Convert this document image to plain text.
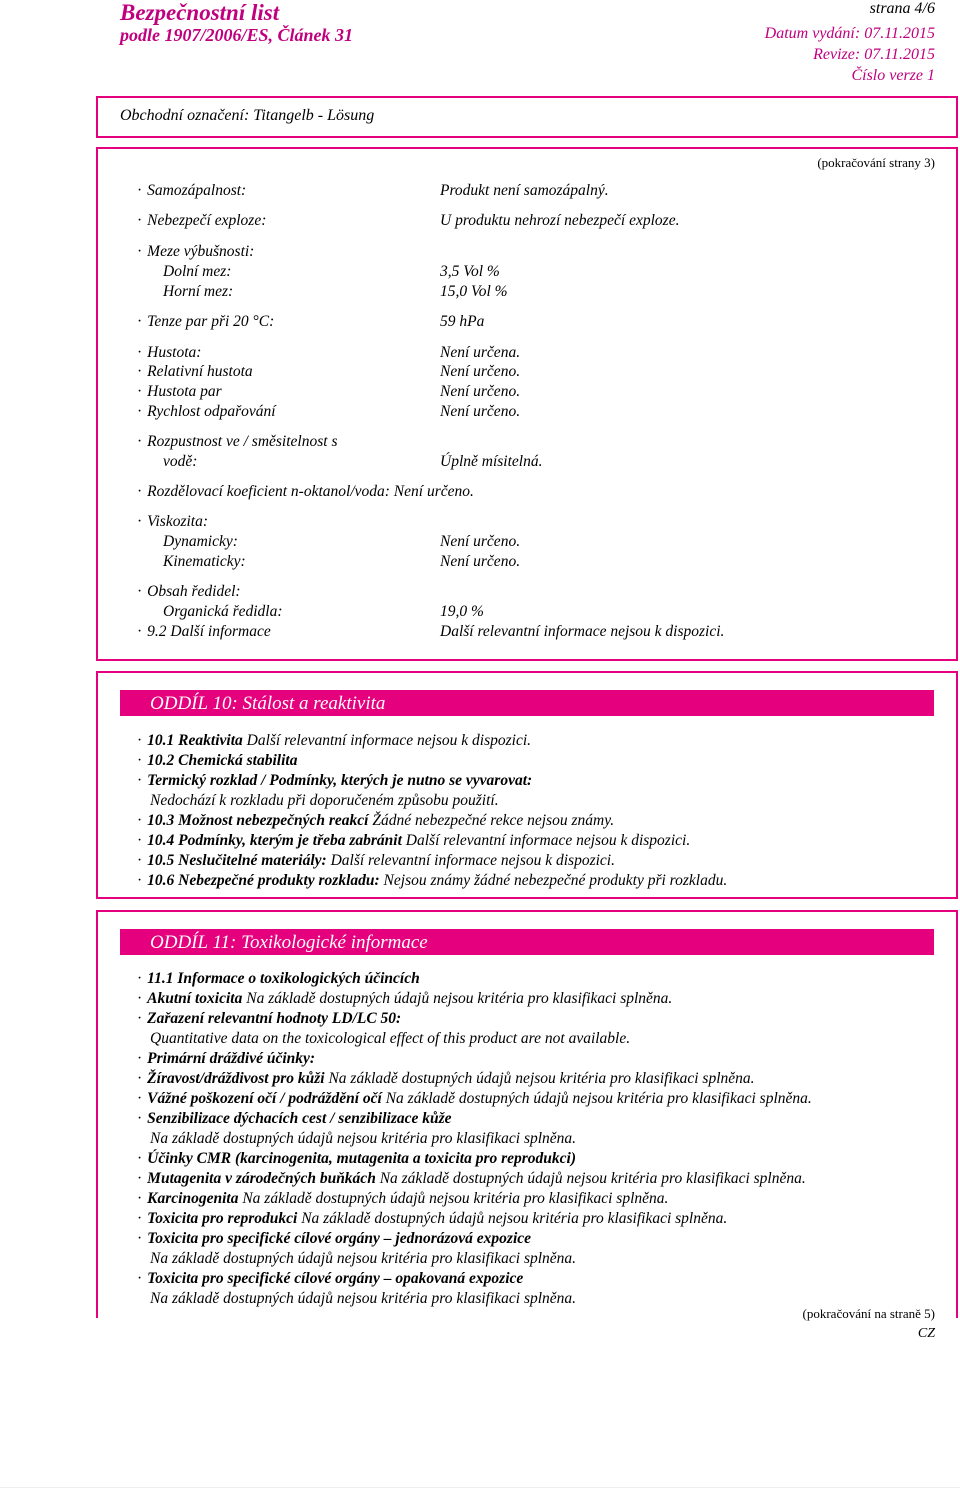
Bezpečnostní list
podle 1907/2006/ES, Článek 31
strana 4/6
Datum vydání: 07.11.2015
Revize: 07.11.2015
Číslo verze 1
Obchodní označení: Titangelb - Lösung
(pokračování strany 3)
· Samozápalnost:	Produkt není samozápalný.
· Nebezpečí exploze:	U produktu nehrozí nebezpečí exploze.
· Meze výbušnosti:
Dolní mez:	3,5 Vol %
Horní mez:	15,0 Vol %
· Tenze par při 20 °C:	59 hPa
· Hustota:	Není určena.
· Relativní hustota	Není určeno.
· Hustota par	Není určeno.
· Rychlost odpařování	Není určeno.
· Rozpustnost ve / směsitelnost s
vodě:	Úplně mísitelná.
· Rozdělovací koeficient n-oktanol/voda: Není určeno.
· Viskozita:
Dynamicky:	Není určeno.
Kinematicky:	Není určeno.
· Obsah ředidel:
Organická ředidla:	19,0 %
· 9.2 Další informace	Další relevantní informace nejsou k dispozici.
ODDÍL 10: Stálost a reaktivita
· 10.1 Reaktivita Další relevantní informace nejsou k dispozici.
· 10.2 Chemická stabilita
· Termický rozklad / Podmínky, kterých je nutno se vyvarovat:
Nedochází k rozkladu při doporučeném způsobu použití.
· 10.3 Možnost nebezpečných reakcí Žádné nebezpečné rekce nejsou známy.
· 10.4 Podmínky, kterým je třeba zabránit Další relevantní informace nejsou k dispozici.
· 10.5 Neslučitelné materiály: Další relevantní informace nejsou k dispozici.
· 10.6 Nebezpečné produkty rozkladu: Nejsou známy žádné nebezpečné produkty při rozkladu.
ODDÍL 11: Toxikologické informace
· 11.1 Informace o toxikologických účincích
· Akutní toxicita Na základě dostupných údajů nejsou kritéria pro klasifikaci splněna.
· Zařazení relevantní hodnoty LD/LC 50:
Quantitative data on the toxicological effect of this product are not available.
· Primární dráždivé účinky:
· Žíravost/dráždivost pro kůži Na základě dostupných údajů nejsou kritéria pro klasifikaci splněna.
· Vážné poškození očí / podráždění očí Na základě dostupných údajů nejsou kritéria pro klasifikaci splněna.
· Senzibilizace dýchacích cest / senzibilizace kůže
Na základě dostupných údajů nejsou kritéria pro klasifikaci splněna.
· Účinky CMR (karcinogenita, mutagenita a toxicita pro reprodukci)
· Mutagenita v zárodečných buňkách Na základě dostupných údajů nejsou kritéria pro klasifikaci splněna.
· Karcinogenita Na základě dostupných údajů nejsou kritéria pro klasifikaci splněna.
· Toxicita pro reprodukci Na základě dostupných údajů nejsou kritéria pro klasifikaci splněna.
· Toxicita pro specifické cílové orgány – jednorázová expozice
Na základě dostupných údajů nejsou kritéria pro klasifikaci splněna.
· Toxicita pro specifické cílové orgány – opakovaná expozice
Na základě dostupných údajů nejsou kritéria pro klasifikaci splněna.
(pokračování na straně 5)
CZ
